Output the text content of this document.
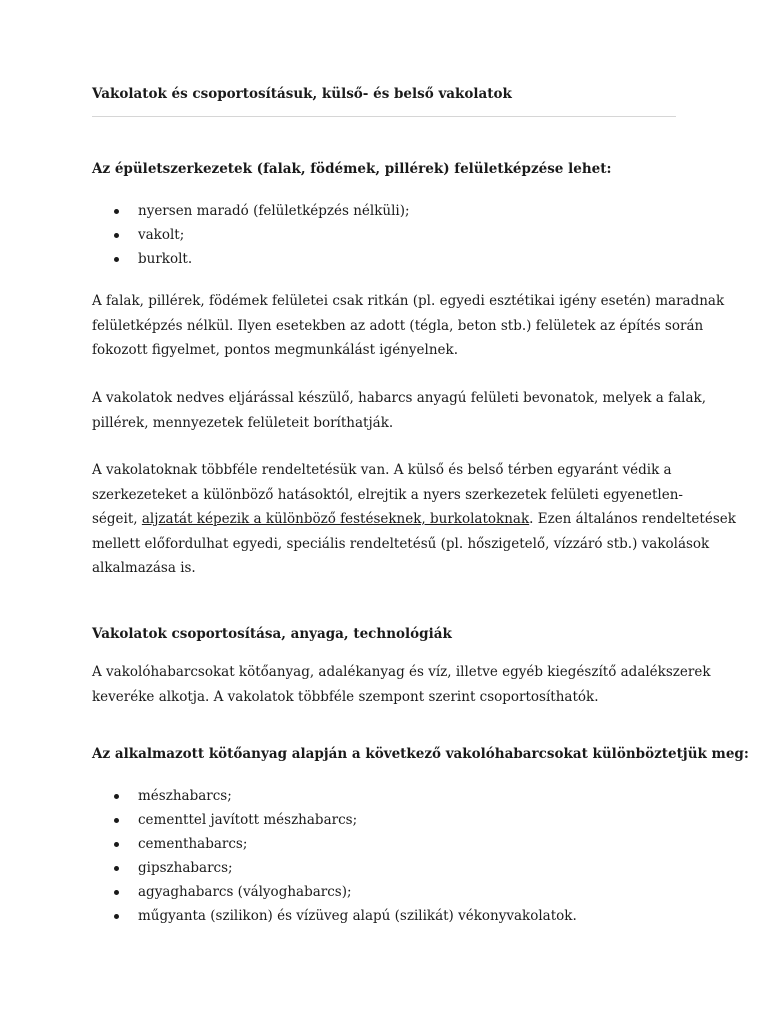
Vakolatok és csoportosításuk, külső- és belső vakolatok
Az épületszerkezetek (falak, födémek, pillérek) felületképzése lehet:
nyersen maradó (felületképzés nélküli);
vakolt;
burkolt.
A falak, pillérek, födémek felületei csak ritkán (pl. egyedi esztétikai igény esetén) maradnak
felületképzés nélkül. Ilyen esetekben az adott (tégla, beton stb.) felületek az építés során
fokozott figyelmet, pontos megmunkálást igényelnek.
A vakolatok nedves eljárással készülő, habarcs anyagú felületi bevonatok, melyek a falak,
pillérek, mennyezetek felületeit boríthatják.
A vakolatoknak többféle rendeltetésük van. A külső és belső térben egyaránt védik a
szerkezeteket a különböző hatásoktól, elrejtik a nyers szerkezetek felületi egyenetlen-
ségeit, aljzatát képezik a különböző festéseknek, burkolatoknak. Ezen általános rendeltetések
mellett előfordulhat egyedi, speciális rendeltetésű (pl. hőszigetelő, vízzáró stb.) vakolások
alkalmazása is.
Vakolatok csoportosítása, anyaga, technológiák
A vakolóhabarcsokat kötőanyag, adalékanyag és víz, illetve egyéb kiegészítő adalékszerek
keveréke alkotja. A vakolatok többféle szempont szerint csoportosíthatók.
Az alkalmazott kötőanyag alapján a következő vakolóhabarcsokat különböztetjük meg:
mészhabarcs;
cementtel javított mészhabarcs;
cementhabarcs;
gipszhabarcs;
agyaghabarcs (vályoghabarcs);
műgyanta (szilikon) és vízüveg alapú (szilikát) vékonyvakolatok.
